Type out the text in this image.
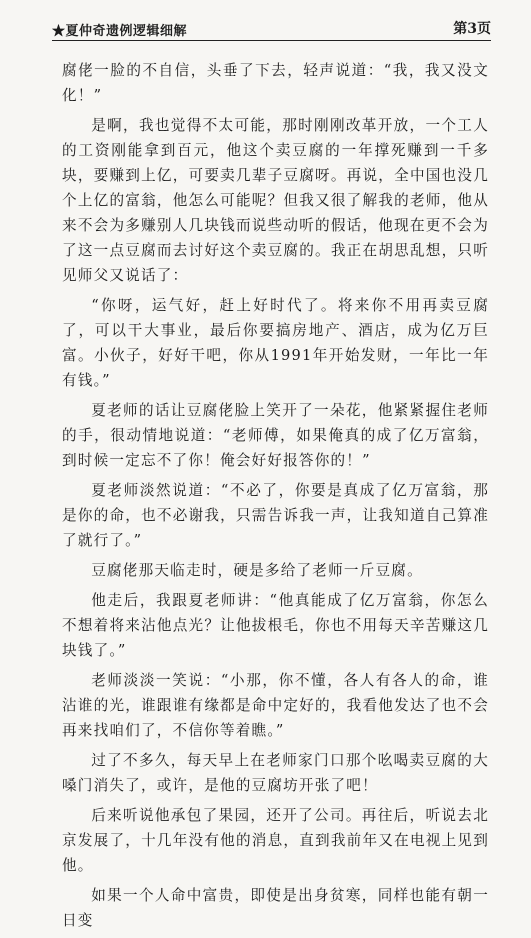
★夏仲奇遗例逻辑细解	第3页

腐佬一脸的不自信，头垂了下去，轻声说道：“我，我又没文化！”

是啊，我也觉得不太可能，那时刚刚改革开放，一个工人的工资刚能拿到百元，他这个卖豆腐的一年撑死赚到一千多块，要赚到上亿，可要卖几辈子豆腐呀。再说，全中国也没几个上亿的富翁，他怎么可能呢？但我又很了解我的老师，他从来不会为多赚别人几块钱而说些动听的假话，他现在更不会为了这一点豆腐而去讨好这个卖豆腐的。我正在胡思乱想，只听见师父又说话了：

“你呀，运气好，赶上好时代了。将来你不用再卖豆腐了，可以干大事业，最后你要搞房地产、酒店，成为亿万巨富。小伙子，好好干吧，你从1991年开始发财，一年比一年有钱。”

夏老师的话让豆腐佬脸上笑开了一朵花，他紧紧握住老师的手，很动情地说道：“老师傅，如果俺真的成了亿万富翁，到时候一定忘不了你！俺会好好报答你的！”

夏老师淡然说道：“不必了，你要是真成了亿万富翁，那是你的命，也不必谢我，只需告诉我一声，让我知道自己算准了就行了。”

豆腐佬那天临走时，硬是多给了老师一斤豆腐。

他走后，我跟夏老师讲：“他真能成了亿万富翁，你怎么不想着将来沾他点光？让他拔根毛，你也不用每天辛苦赚这几块钱了。”

老师淡淡一笑说：“小那，你不懂，各人有各人的命，谁沾谁的光，谁跟谁有缘都是命中定好的，我看他发达了也不会再来找咱们了，不信你等着瞧。”

过了不多久，每天早上在老师家门口那个吆喝卖豆腐的大嗓门消失了，或许，是他的豆腐坊开张了吧！

后来听说他承包了果园，还开了公司。再往后，听说去北京发展了，十几年没有他的消息，直到我前年又在电视上见到他。

如果一个人命中富贵，即使是出身贫寒，同样也能有朝一日变
